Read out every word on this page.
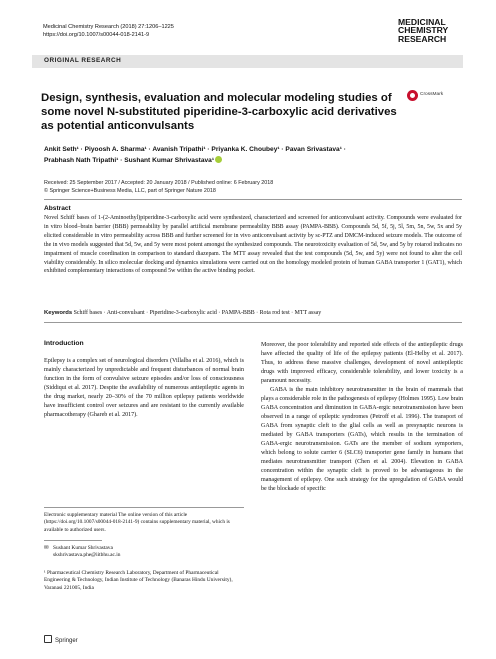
Medicinal Chemistry Research (2018) 27:1206–1225
https://doi.org/10.1007/s00044-018-2141-9
MEDICINAL
CHEMISTRY
RESEARCH
ORIGINAL RESEARCH
CrossMark
Design, synthesis, evaluation and molecular modeling studies of some novel N-substituted piperidine-3-carboxylic acid derivatives as potential anticonvulsants
Ankit Seth¹ · Piyoosh A. Sharma¹ · Avanish Tripathi¹ · Priyanka K. Choubey¹ · Pavan Srivastava¹ ·
Prabhash Nath Tripathi¹ · Sushant Kumar Shrivastava¹
Received: 25 September 2017 / Accepted: 20 January 2018 / Published online: 6 February 2018
© Springer Science+Business Media, LLC, part of Springer Nature 2018
Abstract
Novel Schiff bases of 1-(2-Aminoethyl)piperidine-3-carboxylic acid were synthesized, characterized and screened for anticonvulsant activity. Compounds were evaluated for in vitro blood–brain barrier (BBB) permeability by parallel artificial membrane permeability BBB assay (PAMPA-BBB). Compounds 5d, 5f, 5j, 5l, 5m, 5n, 5w, 5x and 5y elicited considerable in vitro permeability across BBB and further screened for in vivo anticonvulsant activity by sc-PTZ and DMCM-induced seizure models. The outcome of the in vivo models suggested that 5d, 5w, and 5y were most potent amongst the synthesized compounds. The neurotoxicity evaluation of 5d, 5w, and 5y by rotarod indicates no impairment of muscle coordination in comparison to standard diazepam. The MTT assay revealed that the test compounds (5d, 5w, and 5y) were not found to alter the cell viability considerably. In silico molecular docking and dynamics simulations were carried out on the homology modeled protein of human GABA transporter 1 (GAT1), which exhibited complementary interactions of compound 5w within the active binding pocket.
Keywords Schiff bases · Anti-convulsant · Piperidine-3-carboxylic acid · PAMPA-BBB · Rota rod test · MTT assay
Introduction
Epilepsy is a complex set of neurological disorders (Villalba et al. 2016), which is mainly characterized by unpredictable and frequent disturbances of normal brain function in the form of convulsive seizure episodes and/or loss of consciousness (Siddiqui et al. 2017). Despite the availability of numerous antiepileptic agents in the drug market, nearly 20–30% of the 70 million epilepsy patients worldwide have insufficient control over seizures and are resistant to the currently available pharmacotherapy (Ghareb et al. 2017).
Moreover, the poor tolerability and reported side effects of the antiepileptic drugs have affected the quality of life of the epilepsy patients (El-Helby et al. 2017). Thus, to address these massive challenges, development of novel antiepileptic drugs with improved efficacy, considerable tolerability, and lower toxicity is a paramount necessity.
GABA is the main inhibitory neurotransmitter in the brain of mammals that plays a considerable role in the pathogenesis of epilepsy (Holmes 1995). Low brain GABA concentration and diminution in GABA-ergic neurotransmission have been observed in a range of epileptic syndromes (Petroff et al. 1996). The transport of GABA from synaptic cleft to the glial cells as well as presynaptic neurons is mediated by GABA transporters (GATs), which results in the termination of GABA-ergic neurotransmission. GATs are the member of sodium symporters, which belong to solute carrier 6 (SLC6) transporter gene family in humans that mediates neurotransmitter transport (Chen et al. 2004). Elevation in GABA concentration within the synaptic cleft is proved to be advantageous in the management of epilepsy. One such strategy for the upregulation of GABA would be the blockade of specific
Electronic supplementary material The online version of this article (https://doi.org/10.1007/s00044-018-2141-9) contains supplementary material, which is available to authorized users.
✉ Sushant Kumar Shrivastava
skshrivastava.phe@iitbhu.ac.in
¹ Pharmaceutical Chemistry Research Laboratory, Department of Pharmaceutical Engineering & Technology, Indian Institute of Technology (Banaras Hindu University), Varanasi 221005, India
Springer
